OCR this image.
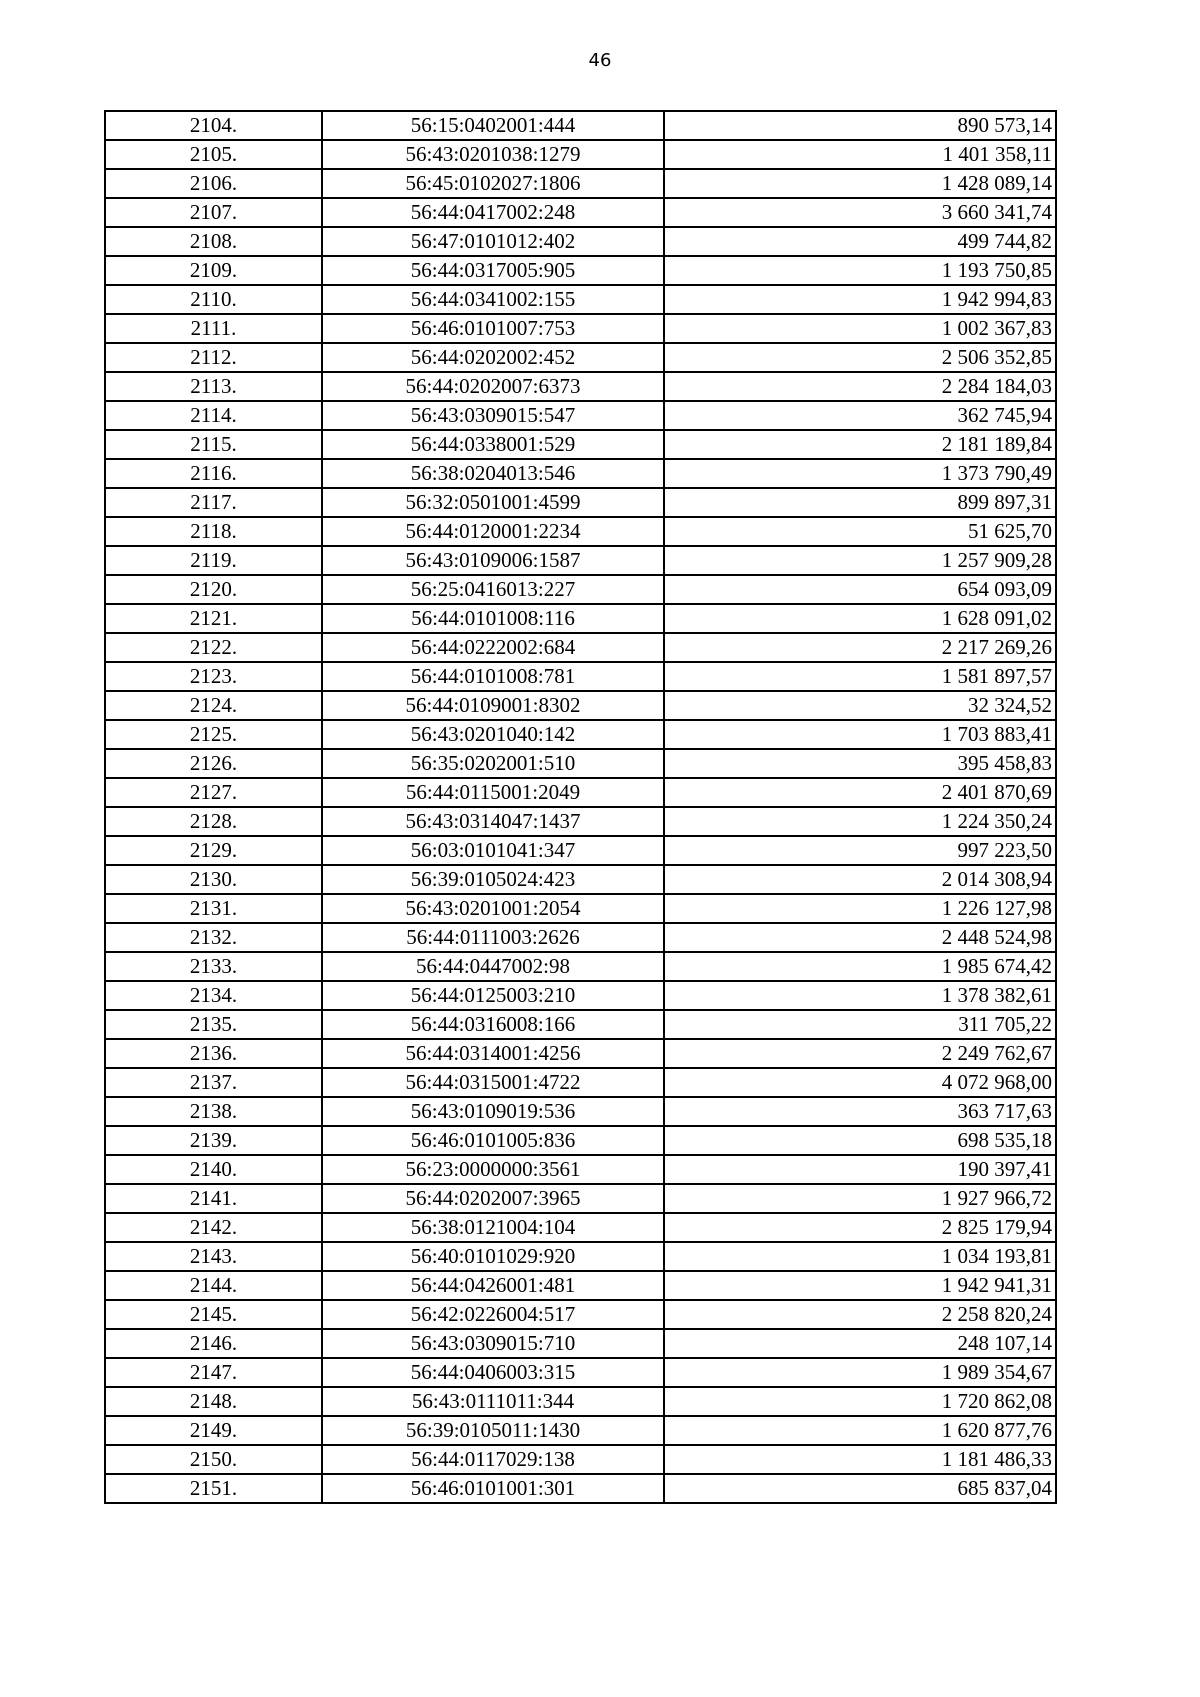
46
2104.	56:15:0402001:444	890 573,14
2105.	56:43:0201038:1279	1 401 358,11
2106.	56:45:0102027:1806	1 428 089,14
2107.	56:44:0417002:248	3 660 341,74
2108.	56:47:0101012:402	499 744,82
2109.	56:44:0317005:905	1 193 750,85
2110.	56:44:0341002:155	1 942 994,83
2111.	56:46:0101007:753	1 002 367,83
2112.	56:44:0202002:452	2 506 352,85
2113.	56:44:0202007:6373	2 284 184,03
2114.	56:43:0309015:547	362 745,94
2115.	56:44:0338001:529	2 181 189,84
2116.	56:38:0204013:546	1 373 790,49
2117.	56:32:0501001:4599	899 897,31
2118.	56:44:0120001:2234	51 625,70
2119.	56:43:0109006:1587	1 257 909,28
2120.	56:25:0416013:227	654 093,09
2121.	56:44:0101008:116	1 628 091,02
2122.	56:44:0222002:684	2 217 269,26
2123.	56:44:0101008:781	1 581 897,57
2124.	56:44:0109001:8302	32 324,52
2125.	56:43:0201040:142	1 703 883,41
2126.	56:35:0202001:510	395 458,83
2127.	56:44:0115001:2049	2 401 870,69
2128.	56:43:0314047:1437	1 224 350,24
2129.	56:03:0101041:347	997 223,50
2130.	56:39:0105024:423	2 014 308,94
2131.	56:43:0201001:2054	1 226 127,98
2132.	56:44:0111003:2626	2 448 524,98
2133.	56:44:0447002:98	1 985 674,42
2134.	56:44:0125003:210	1 378 382,61
2135.	56:44:0316008:166	311 705,22
2136.	56:44:0314001:4256	2 249 762,67
2137.	56:44:0315001:4722	4 072 968,00
2138.	56:43:0109019:536	363 717,63
2139.	56:46:0101005:836	698 535,18
2140.	56:23:0000000:3561	190 397,41
2141.	56:44:0202007:3965	1 927 966,72
2142.	56:38:0121004:104	2 825 179,94
2143.	56:40:0101029:920	1 034 193,81
2144.	56:44:0426001:481	1 942 941,31
2145.	56:42:0226004:517	2 258 820,24
2146.	56:43:0309015:710	248 107,14
2147.	56:44:0406003:315	1 989 354,67
2148.	56:43:0111011:344	1 720 862,08
2149.	56:39:0105011:1430	1 620 877,76
2150.	56:44:0117029:138	1 181 486,33
2151.	56:46:0101001:301	685 837,04
